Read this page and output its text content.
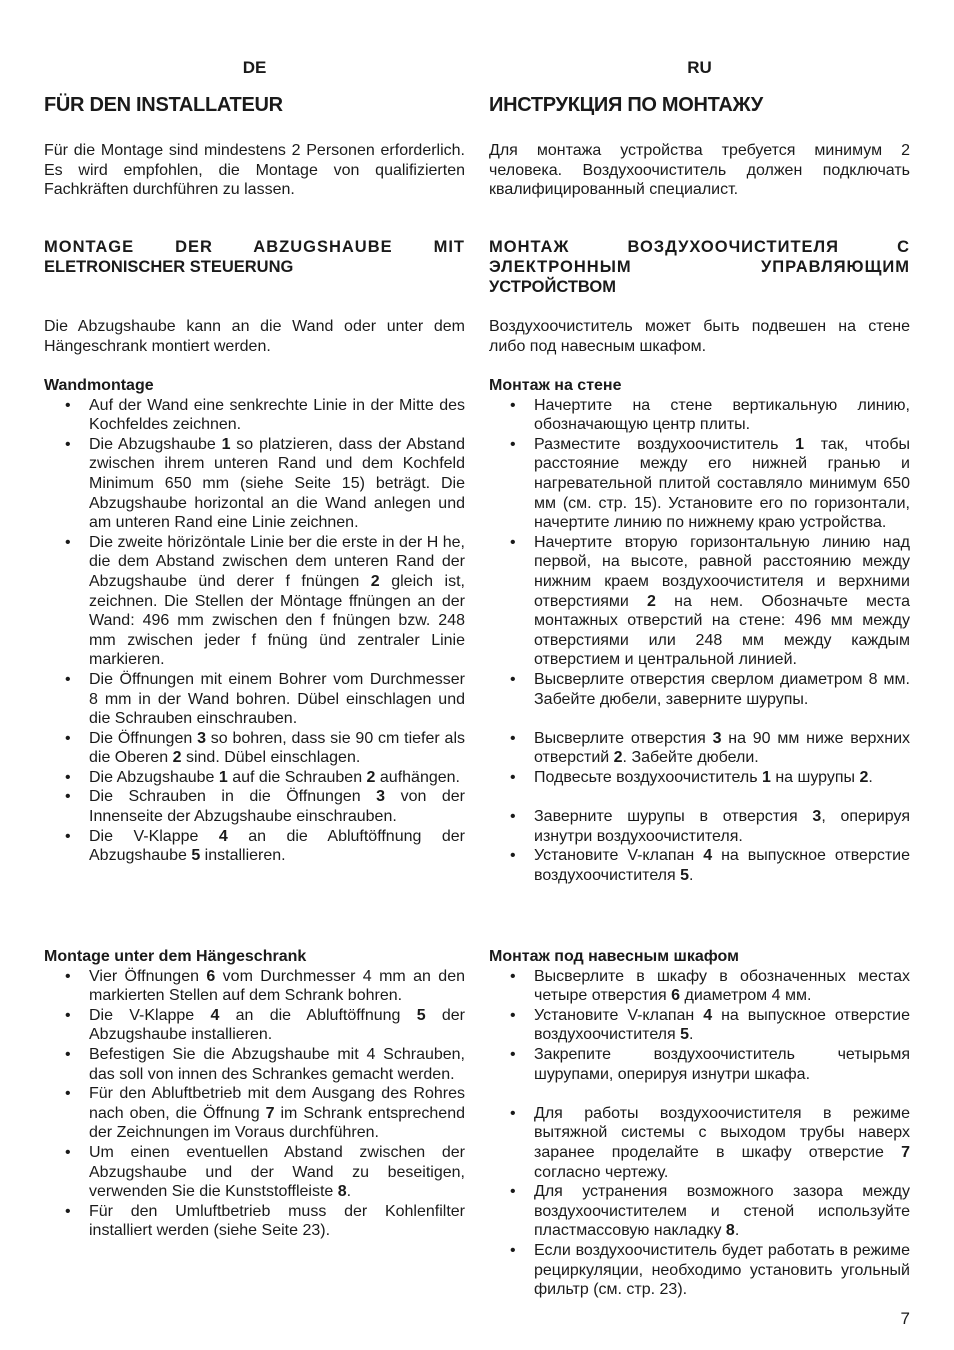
DE
FÜR DEN INSTALLATEUR

Für die Montage sind mindestens 2 Personen erforderlich. Es wird empfohlen, die Montage von qualifizierten Fachkräften durchführen zu lassen.

MONTAGE DER ABZUGSHAUBE MIT
ELETRONISCHER STEUERUNG

Die Abzugshaube kann an die Wand oder unter dem Hängeschrank montiert werden.

Wandmontage
• Auf der Wand eine senkrechte Linie in der Mitte des Kochfeldes zeichnen.
• Die Abzugshaube 1 so platzieren, dass der Abstand zwischen ihrem unteren Rand und dem Kochfeld Minimum 650 mm (siehe Seite 15) beträgt. Die Abzugshaube horizontal an die Wand anlegen und am unteren Rand eine Linie zeichnen.
• Die zweite hörizöntale Linie ber die erste in der H he, die dem Abstand zwischen dem unteren Rand der Abzugshaube ünd derer f fnüngen 2 gleich ist, zeichnen. Die Stellen der Möntage ffnüngen an der Wand: 496 mm zwischen den f fnüngen bzw. 248 mm zwischen jeder f fnüng ünd zentraler Linie markieren.
• Die Öffnungen mit einem Bohrer vom Durchmesser 8 mm in der Wand bohren. Dübel einschlagen und die Schrauben einschrauben.
• Die Öffnungen 3 so bohren, dass sie 90 cm tiefer als die Oberen 2 sind. Dübel einschlagen.
• Die Abzugshaube 1 auf die Schrauben 2 aufhängen.
• Die Schrauben in die Öffnungen 3 von der Innenseite der Abzugshaube einschrauben.
• Die V-Klappe 4 an die Abluftöffnung der Abzugshaube 5 installieren.
Montage unter dem Hängeschrank
• Vier Öffnungen 6 vom Durchmesser 4 mm an den markierten Stellen auf dem Schrank bohren.
• Die V-Klappe 4 an die Abluftöffnung 5 der Abzugshaube installieren.
• Befestigen Sie die Abzugshaube mit 4 Schrauben, das soll von innen des Schrankes gemacht werden.
• Für den Abluftbetrieb mit dem Ausgang des Rohres nach oben, die Öffnung 7 im Schrank entsprechend der Zeichnungen im Voraus durchführen.
• Um einen eventuellen Abstand zwischen der Abzugshaube und der Wand zu beseitigen, verwenden Sie die Kunststoffleiste 8.
• Für den Umluftbetrieb muss der Kohlenfilter installiert werden (siehe Seite 23).
RU
ИНСТРУКЦИЯ ПО МОНТАЖУ

Для монтажа устройства требуется минимум 2 человека. Воздухоочиститель должен подключать квалифицированный специалист.

МОНТАЖ ВОЗДУХООЧИСТИТЕЛЯ С
ЭЛЕКТРОННЫМ УПРАВЛЯЮЩИМ
УСТРОЙСТВОМ

Воздухоочиститель может быть подвешен на стене либо под навесным шкафом.

Монтаж на стене
• Начертите на стене вертикальную линию, обозначающую центр плиты.
• Разместите воздухоочиститель 1 так, чтобы расстояние между его нижней гранью и нагревательной плитой составляло минимум 650 мм (см. стр. 15). Установите его по горизонтали, начертите линию по нижнему краю устройства.
• Начертите вторую горизонтальную линию над первой, на высоте, равной расстоянию между нижним краем воздухоочистителя и верхними отверстиями 2 на нем. Обозначьте места монтажных отверстий на стене: 496 мм между отверстиями или 248 мм между каждым отверстием и центральной линией.
• Высверлите отверстия сверлом диаметром 8 мм. Забейте дюбели, заверните шурупы.
• Высверлите отверстия 3 на 90 мм ниже верхних отверстий 2. Забейте дюбели.
• Подвесьте воздухоочиститель 1 на шурупы 2.
• Заверните шурупы в отверстия 3, оперируя изнутри воздухоочистителя.
• Установите V-клапан 4 на выпускное отверстие воздухоочистителя 5.
Монтаж под навесным шкафом
• Высверлите в шкафу в обозначенных местах четыре отверстия 6 диаметром 4 мм.
• Установите V-клапан 4 на выпускное отверстие воздухоочистителя 5.
• Закрепите воздухоочиститель четырьмя шурупами, оперируя изнутри шкафа.
• Для работы воздухоочистителя в режиме вытяжной системы с выходом трубы наверх заранее проделайте в шкафу отверстие 7 согласно чертежу.
• Для устранения возможного зазора между воздухоочистителем и стеной используйте пластмассовую накладку 8.
• Если воздухоочиститель будет работать в режиме рециркуляции, необходимо установить угольный фильтр (см. стр. 23).
7
